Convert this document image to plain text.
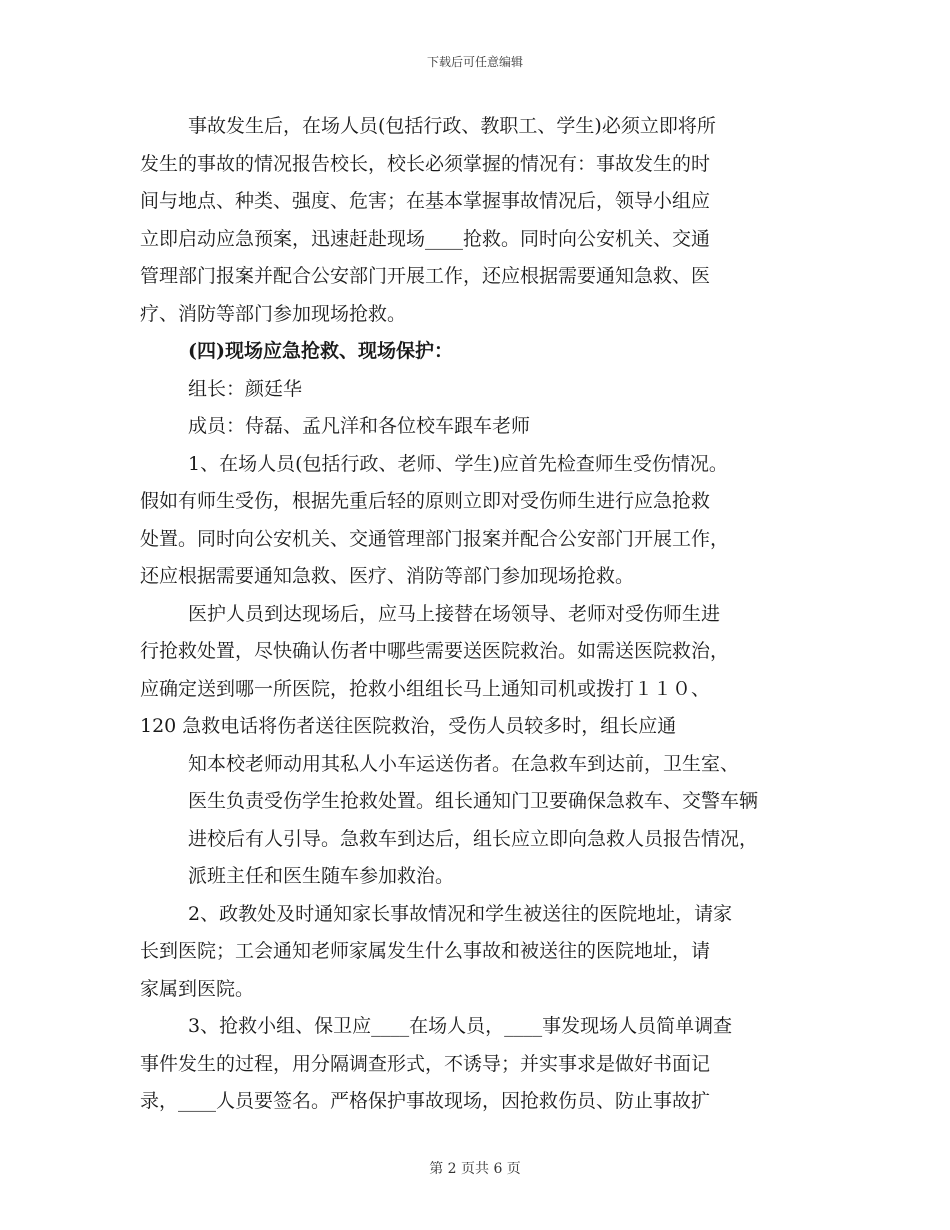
下载后可任意编辑
事故发生后，在场人员(包括行政、教职工、学生)必须立即将所
发生的事故的情况报告校长，校长必须掌握的情况有：事故发生的时
间与地点、种类、强度、危害；在基本掌握事故情况后，领导小组应
立即启动应急预案，迅速赶赴现场____抢救。同时向公安机关、交通
管理部门报案并配合公安部门开展工作，还应根据需要通知急救、医
疗、消防等部门参加现场抢救。
(四)现场应急抢救、现场保护：
组长：颜廷华
成员：侍磊、孟凡洋和各位校车跟车老师
1、在场人员(包括行政、老师、学生)应首先检查师生受伤情况。
假如有师生受伤，根据先重后轻的原则立即对受伤师生进行应急抢救
处置。同时向公安机关、交通管理部门报案并配合公安部门开展工作，
还应根据需要通知急救、医疗、消防等部门参加现场抢救。
医护人员到达现场后，应马上接替在场领导、老师对受伤师生进
行抢救处置，尽快确认伤者中哪些需要送医院救治。如需送医院救治，
应确定送到哪一所医院，抢救小组组长马上通知司机或拨打１１０、
120 急救电话将伤者送往医院救治，受伤人员较多时，组长应通
知本校老师动用其私人小车运送伤者。在急救车到达前，卫生室、
医生负责受伤学生抢救处置。组长通知门卫要确保急救车、交警车辆
进校后有人引导。急救车到达后，组长应立即向急救人员报告情况，
派班主任和医生随车参加救治。
2、政教处及时通知家长事故情况和学生被送往的医院地址，请家
长到医院；工会通知老师家属发生什么事故和被送往的医院地址，请
家属到医院。
3、抢救小组、保卫应____在场人员，____事发现场人员简单调查
事件发生的过程，用分隔调查形式，不诱导；并实事求是做好书面记
录，____人员要签名。严格保护事故现场，因抢救伤员、防止事故扩
第 2 页共 6 页
